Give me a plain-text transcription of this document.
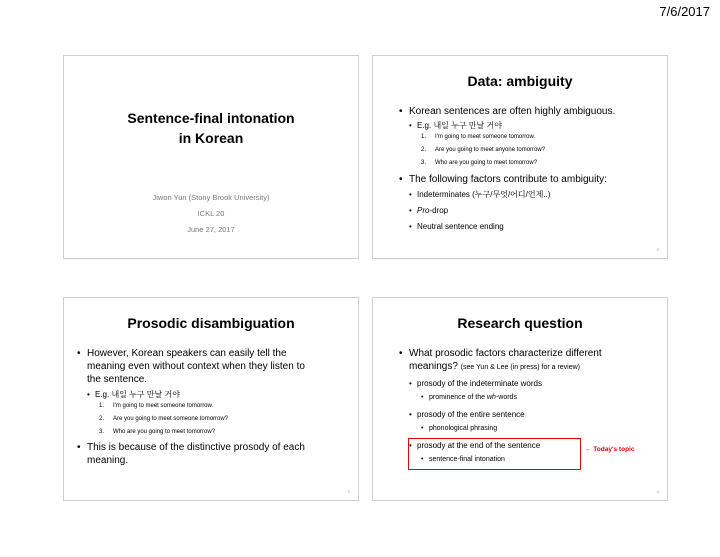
7/6/2017
Sentence-final intonation
in Korean
Jiwon Yun (Stony Brook University)
ICKL 20
June 27, 2017
Data: ambiguity
• Korean sentences are often highly ambiguous.
• E.g. 내일 누구 만날 거야
1. I'm going to meet someone tomorrow.
2. Are you going to meet anyone tomorrow?
3. Who are you going to meet tomorrow?
• The following factors contribute to ambiguity:
• Indeterminates (누구/무엇/어디/언제..)
• Pro-drop
• Neutral sentence ending
2
Prosodic disambiguation
• However, Korean speakers can easily tell the meaning even without context when they listen to the sentence.
• E.g. 내일 누구 만날 거야
1. I'm going to meet someone tomorrow.
2. Are you going to meet someone tomorrow?
3. Who are you going to meet tomorrow?
• This is because of the distinctive prosody of each meaning.
3
Research question
• What prosodic factors characterize different meanings? (see Yun & Lee (in press) for a review)
• prosody of the indeterminate words
• prominence of the wh-words
• prosody of the entire sentence
• phonological phrasing
• prosody at the end of the sentence
• sentence-final intonation
4
← Today's topic
